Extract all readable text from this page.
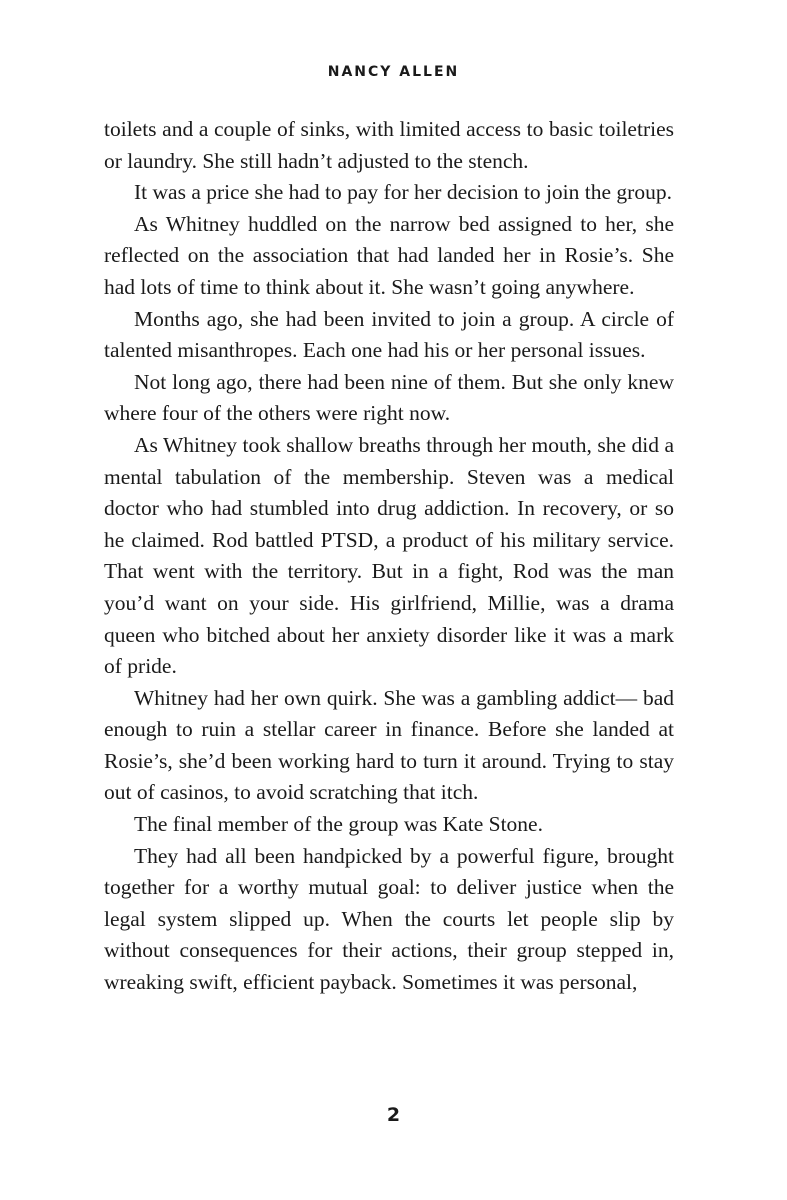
NANCY ALLEN

toilets and a couple of sinks, with limited access to basic toiletries or laundry. She still hadn’t adjusted to the stench.

It was a price she had to pay for her decision to join the group.

As Whitney huddled on the narrow bed assigned to her, she reflected on the association that had landed her in Rosie’s. She had lots of time to think about it. She wasn’t going anywhere.

Months ago, she had been invited to join a group. A circle of talented misanthropes. Each one had his or her personal issues.

Not long ago, there had been nine of them. But she only knew where four of the others were right now.

As Whitney took shallow breaths through her mouth, she did a mental tabulation of the membership. Steven was a medical doctor who had stumbled into drug addiction. In recovery, or so he claimed. Rod battled PTSD, a product of his military service. That went with the territory. But in a fight, Rod was the man you’d want on your side. His girlfriend, Millie, was a drama queen who bitched about her anxiety disorder like it was a mark of pride.

Whitney had her own quirk. She was a gambling addict— bad enough to ruin a stellar career in finance. Before she landed at Rosie’s, she’d been working hard to turn it around. Trying to stay out of casinos, to avoid scratching that itch.

The final member of the group was Kate Stone.

They had all been handpicked by a powerful figure, brought together for a worthy mutual goal: to deliver justice when the legal system slipped up. When the courts let people slip by without consequences for their actions, their group stepped in, wreaking swift, efficient payback. Sometimes it was personal,

2
